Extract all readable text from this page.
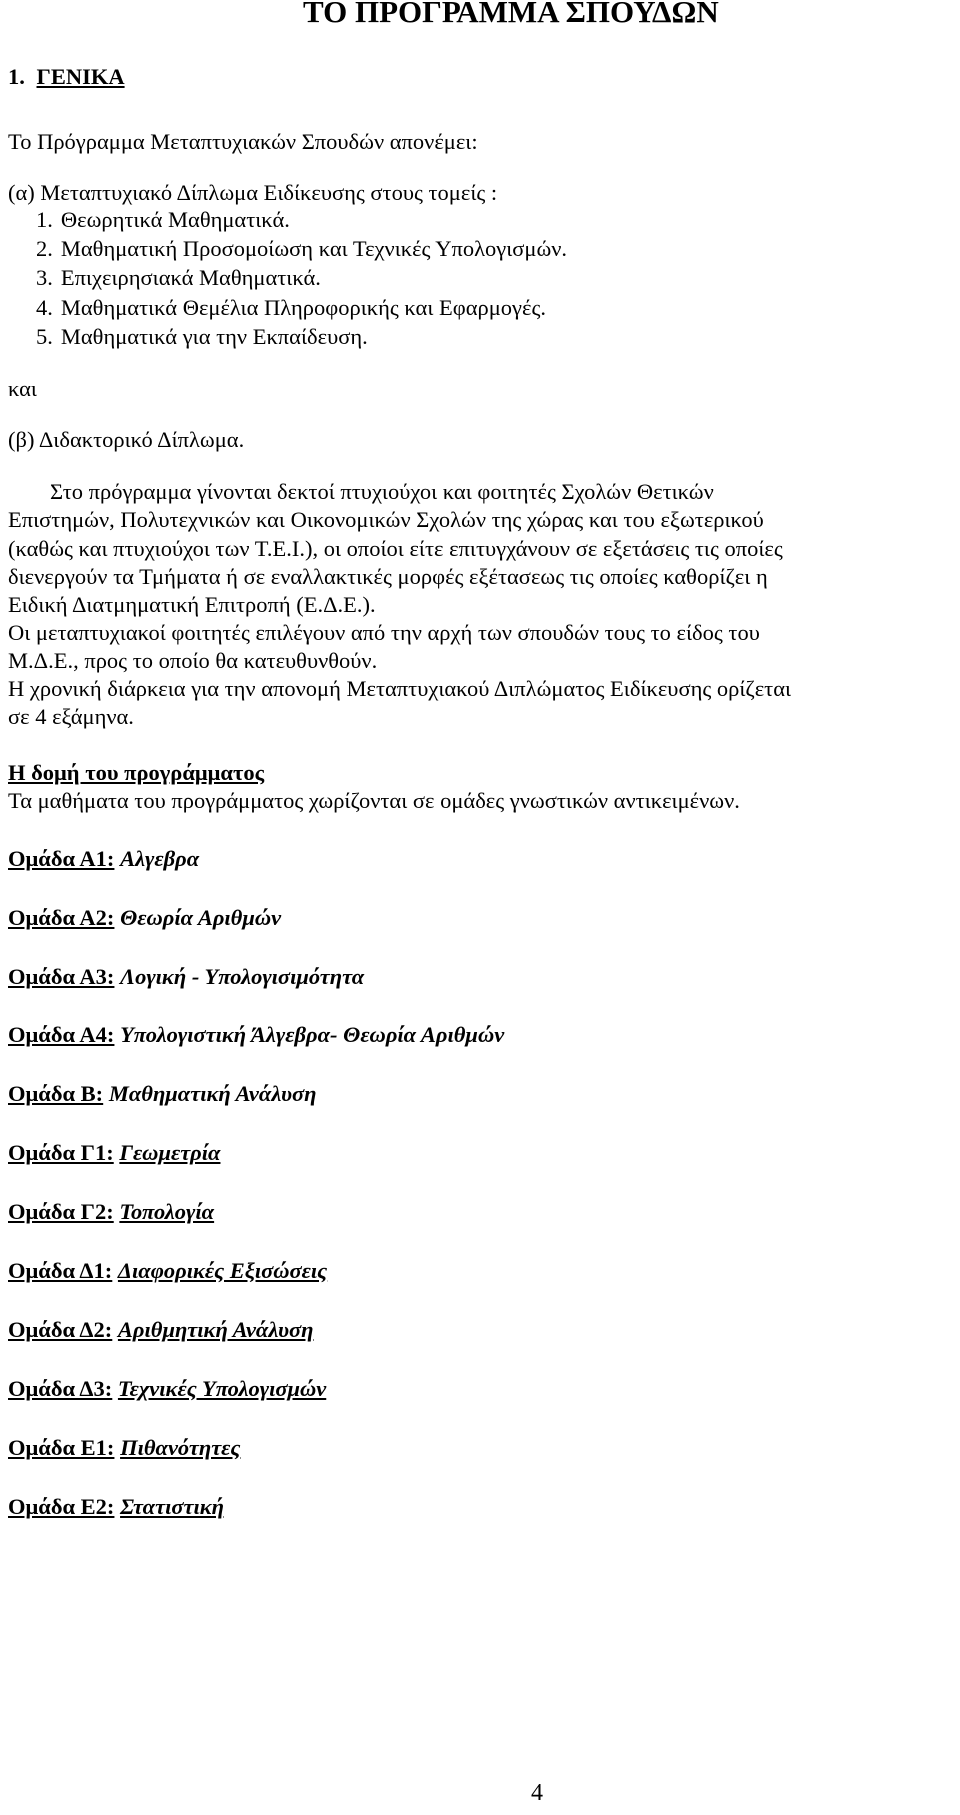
ΤΟ ΠΡΟΓΡΑΜΜΑ ΣΠΟΥΔΩΝ
1. ΓΕΝΙΚΑ

Το Πρόγραμμα Μεταπτυχιακών Σπουδών απονέμει:

(α) Μεταπτυχιακό Δίπλωμα Ειδίκευσης στους τομείς :

1. Θεωρητικά Μαθηματικά.
2. Μαθηματική Προσομοίωση και Τεχνικές Υπολογισμών.
3. Επιχειρησιακά Μαθηματικά.
4. Μαθηματικά Θεμέλια Πληροφορικής και Εφαρμογές.
5. Μαθηματικά για την Εκπαίδευση.

και

(β) Διδακτορικό Δίπλωμα.

Στο πρόγραμμα γίνονται δεκτοί πτυχιούχοι και φοιτητές Σχολών Θετικών

Επιστημών, Πολυτεχνικών και Οικονομικών Σχολών της χώρας και του εξωτερικού

(καθώς και πτυχιούχοι των Τ.Ε.Ι.), οι οποίοι είτε επιτυγχάνουν σε εξετάσεις τις οποίες

διενεργούν τα Τμήματα ή σε εναλλακτικές μορφές εξέτασεως τις οποίες καθορίζει η

Ειδική Διατμηματική Επιτροπή (Ε.Δ.Ε.).

Οι μεταπτυχιακοί φοιτητές επιλέγουν από την αρχή των σπουδών τους το είδος του

Μ.Δ.Ε., προς το οποίο θα κατευθυνθούν.

Η χρονική διάρκεια για την απονομή Μεταπτυχιακού Διπλώματος Ειδίκευσης ορίζεται

σε 4 εξάμηνα.

Η δομή του προγράμματος

Τα μαθήματα του προγράμματος χωρίζονται σε ομάδες γνωστικών αντικειμένων.

Ομάδα Α1: Αλγεβρα
Ομάδα Α2: Θεωρία Αριθμών
Ομάδα Α3: Λογική - Υπολογισιμότητα
Ομάδα Α4: Υπολογιστική Άλγεβρα- Θεωρία Αριθμών
Ομάδα Β: Μαθηματική Ανάλυση
Ομάδα Γ1: Γεωμετρία
Ομάδα Γ2: Τοπολογία
Ομάδα Δ1: Διαφορικές Εξισώσεις
Ομάδα Δ2: Αριθμητική Ανάλυση
Ομάδα Δ3: Τεχνικές Υπολογισμών
Ομάδα Ε1: Πιθανότητες
Ομάδα Ε2: Στατιστική

4
